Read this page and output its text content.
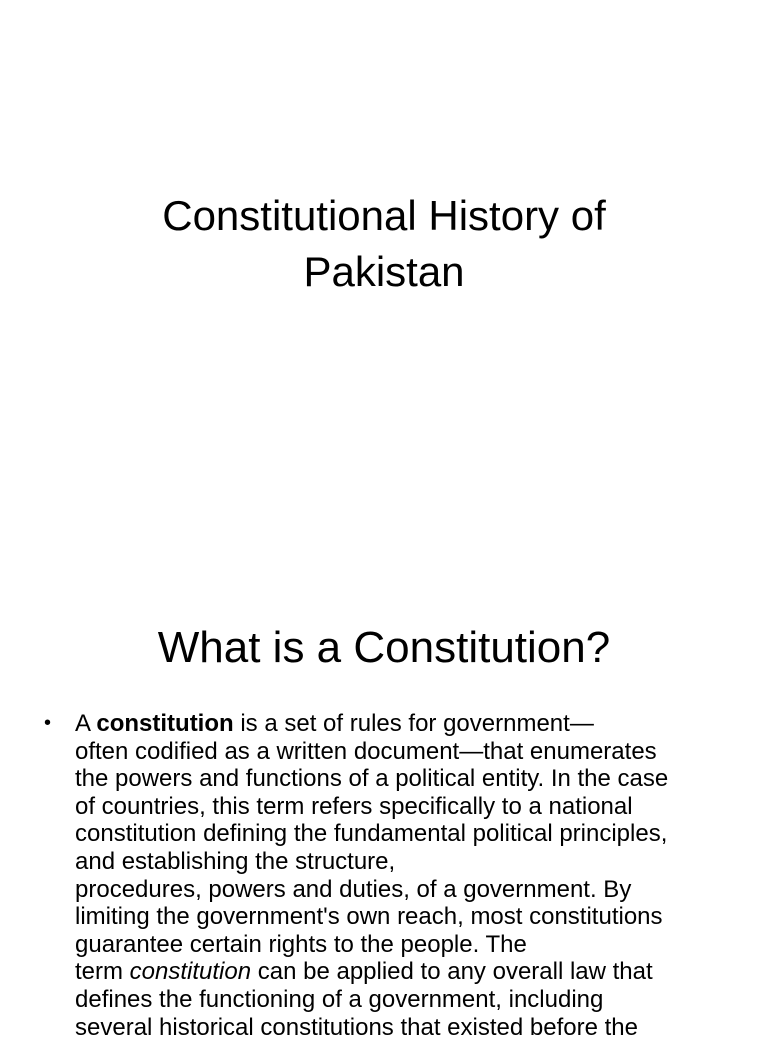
Constitutional History of
Pakistan
What is a Constitution?
• A constitution is a set of rules for government—
often codified as a written document—that enumerates
the powers and functions of a political entity. In the case
of countries, this term refers specifically to a national
constitution defining the fundamental political principles,
and establishing the structure,
procedures, powers and duties, of a government. By
limiting the government's own reach, most constitutions
guarantee certain rights to the people. The
term constitution can be applied to any overall law that
defines the functioning of a government, including
several historical constitutions that existed before the
